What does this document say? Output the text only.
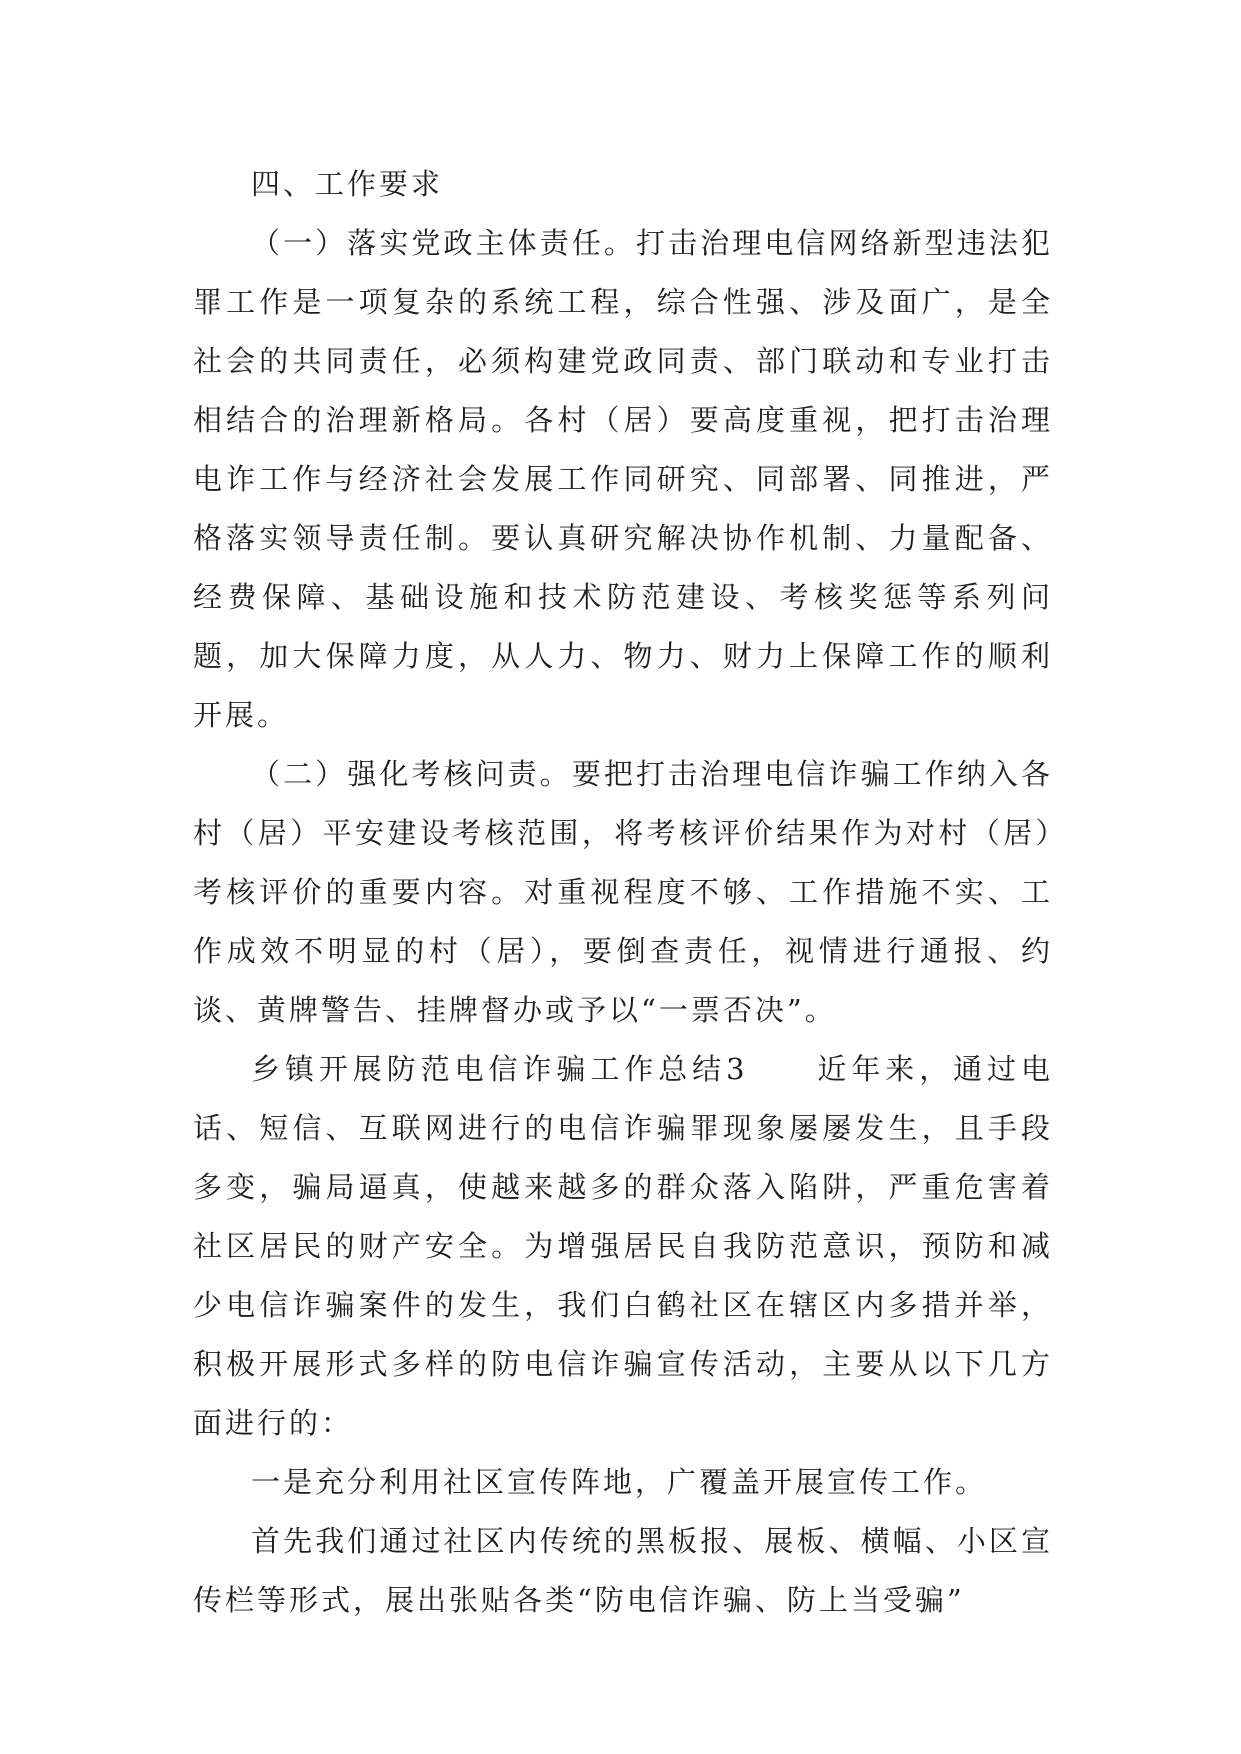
四、工作要求

（一）落实党政主体责任。打击治理电信网络新型违法犯罪工作是一项复杂的系统工程，综合性强、涉及面广，是全社会的共同责任，必须构建党政同责、部门联动和专业打击相结合的治理新格局。各村（居）要高度重视，把打击治理电诈工作与经济社会发展工作同研究、同部署、同推进，严格落实领导责任制。要认真研究解决协作机制、力量配备、经费保障、基础设施和技术防范建设、考核奖惩等系列问题，加大保障力度，从人力、物力、财力上保障工作的顺利开展。

（二）强化考核问责。要把打击治理电信诈骗工作纳入各村（居）平安建设考核范围，将考核评价结果作为对村（居）考核评价的重要内容。对重视程度不够、工作措施不实、工作成效不明显的村（居），要倒查责任，视情进行通报、约谈、黄牌警告、挂牌督办或予以“一票否决”。

乡镇开展防范电信诈骗工作总结3　　近年来，通过电话、短信、互联网进行的电信诈骗罪现象屡屡发生，且手段多变，骗局逼真，使越来越多的群众落入陷阱，严重危害着社区居民的财产安全。为增强居民自我防范意识，预防和减少电信诈骗案件的发生，我们白鹤社区在辖区内多措并举，积极开展形式多样的防电信诈骗宣传活动，主要从以下几方面进行的：

一是充分利用社区宣传阵地，广覆盖开展宣传工作。

首先我们通过社区内传统的黑板报、展板、横幅、小区宣传栏等形式，展出张贴各类“防电信诈骗、防上当受骗”
